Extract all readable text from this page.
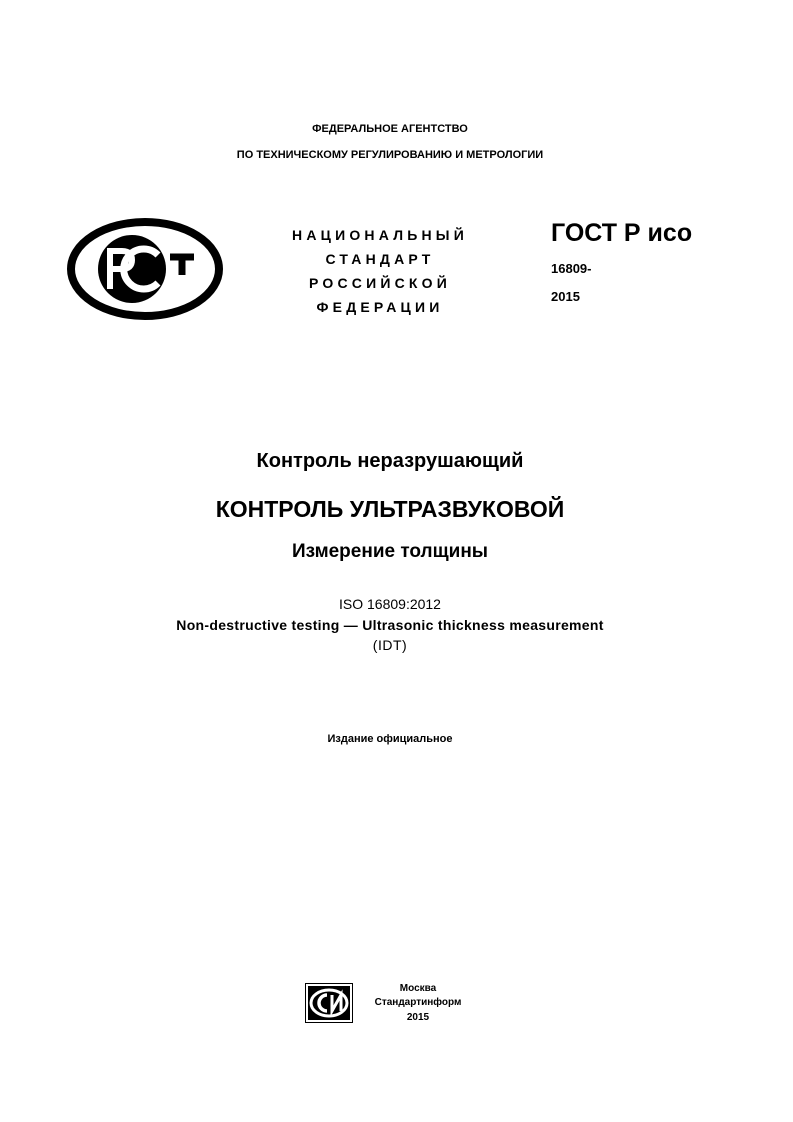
ФЕДЕРАЛЬНОЕ АГЕНТСТВО
ПО ТЕХНИЧЕСКОМУ РЕГУЛИРОВАНИЮ И МЕТРОЛОГИИ
НАЦИОНАЛЬНЫЙ
СТАНДАРТ
РОССИЙСКОЙ
ФЕДЕРАЦИИ
ГОСТ Р исо
16809-
2015
Контроль неразрушающий
КОНТРОЛЬ УЛЬТРАЗВУКОВОЙ
Измерение толщины
ISO 16809:2012
Non-destructive testing — Ultrasonic thickness measurement
(IDT)
Издание официальное
Москва
Стандартинформ
2015
